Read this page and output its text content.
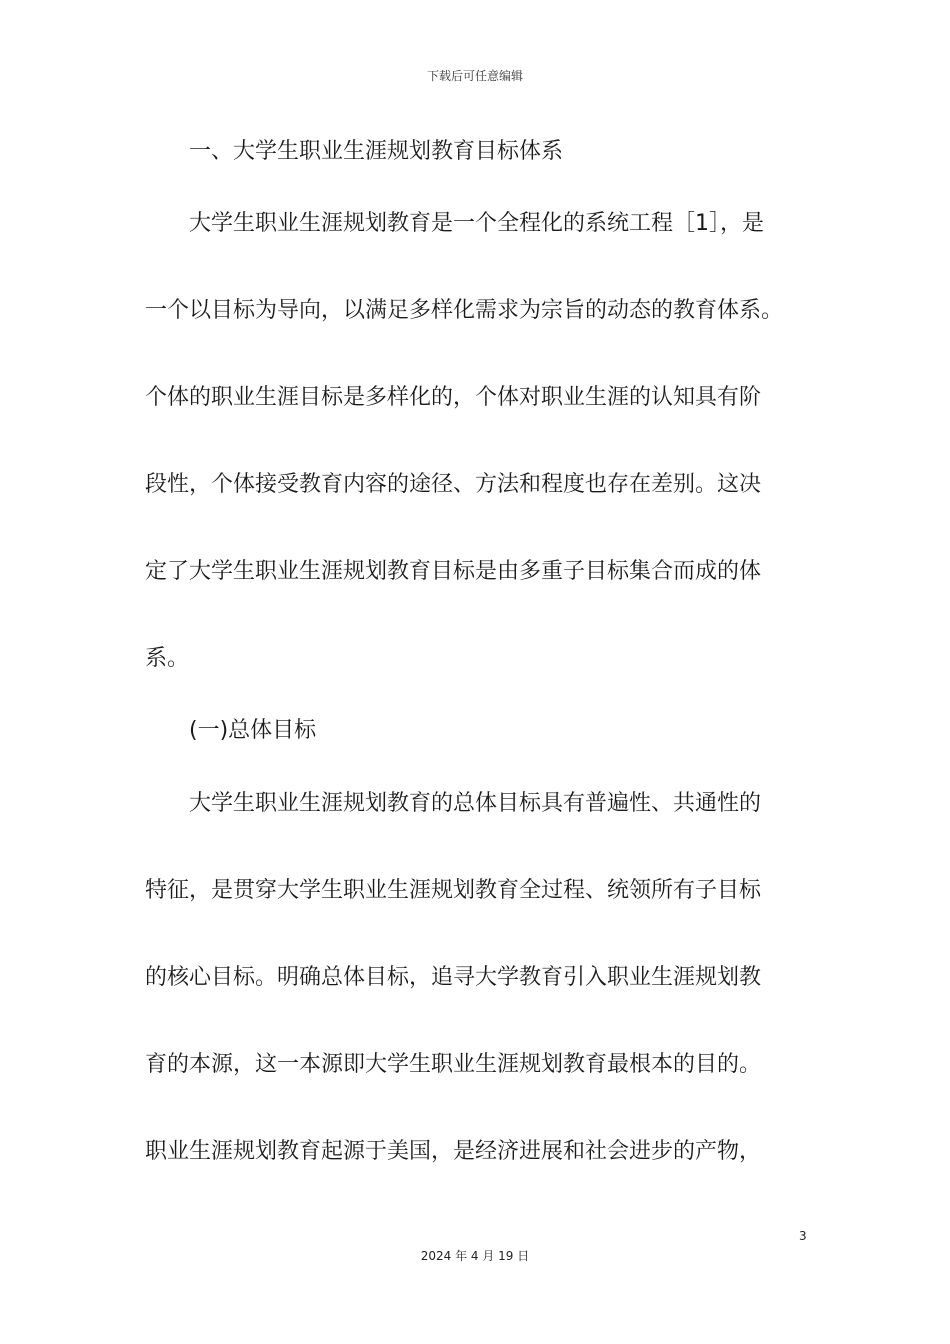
下载后可任意编辑
一、大学生职业生涯规划教育目标体系
大学生职业生涯规划教育是一个全程化的系统工程［1］，是
一个以目标为导向，以满足多样化需求为宗旨的动态的教育体系。
个体的职业生涯目标是多样化的，个体对职业生涯的认知具有阶
段性，个体接受教育内容的途径、方法和程度也存在差别。这决
定了大学生职业生涯规划教育目标是由多重子目标集合而成的体
系。
(一)总体目标
大学生职业生涯规划教育的总体目标具有普遍性、共通性的
特征，是贯穿大学生职业生涯规划教育全过程、统领所有子目标
的核心目标。明确总体目标，追寻大学教育引入职业生涯规划教
育的本源，这一本源即大学生职业生涯规划教育最根本的目的。
职业生涯规划教育起源于美国，是经济进展和社会进步的产物，
3
2024 年 4 月 19 日
